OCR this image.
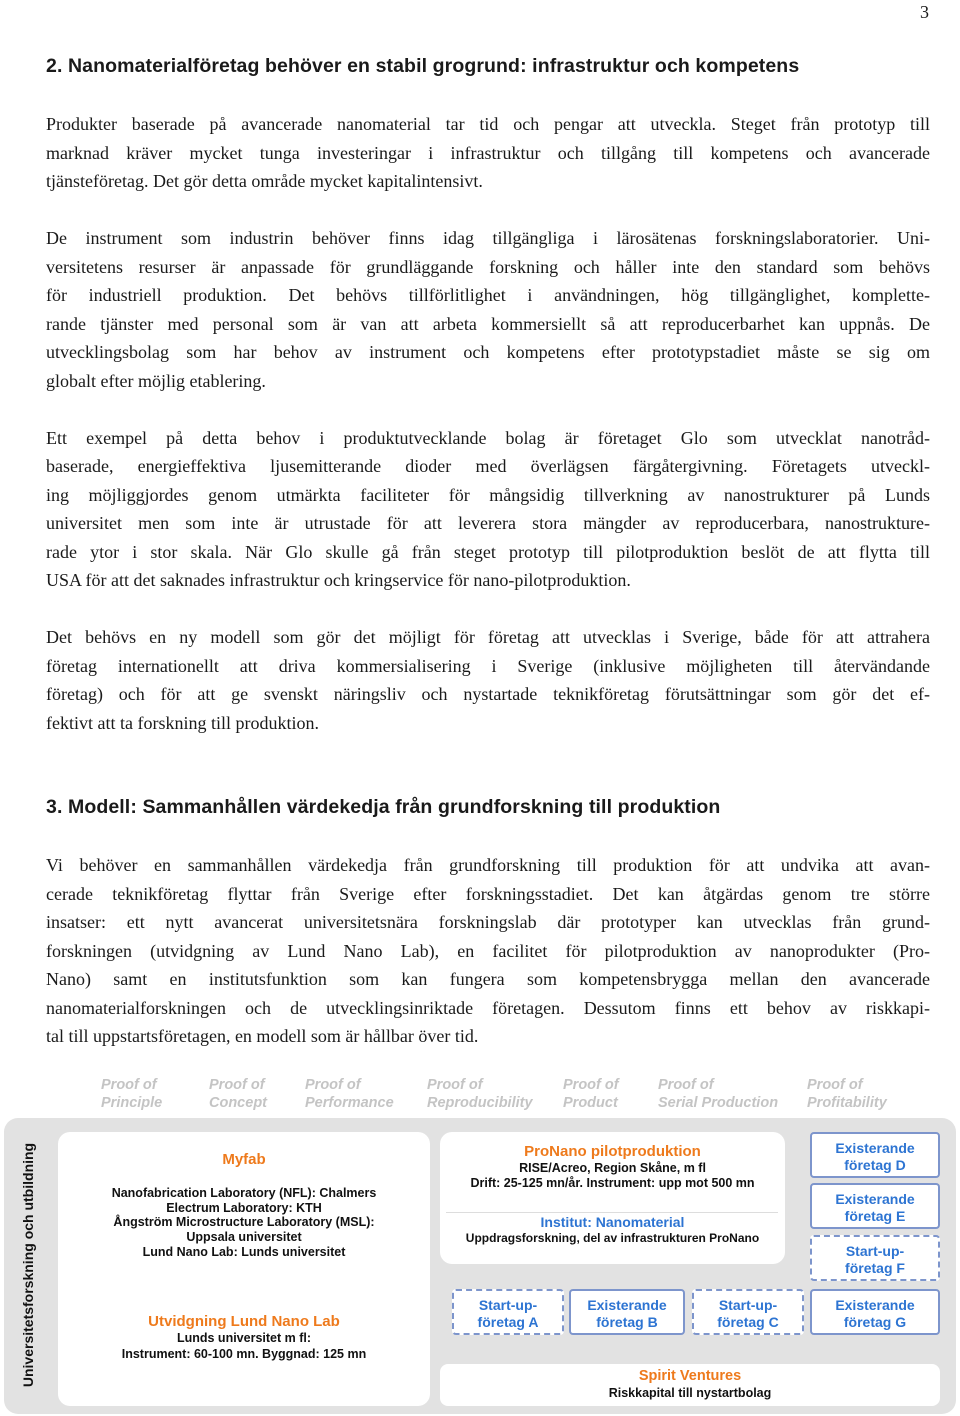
3
2. Nanomaterialföretag behöver en stabil grogrund: infrastruktur och kompetens
Produkter baserade på avancerade nanomaterial tar tid och pengar att utveckla. Steget från prototyp till
marknad kräver mycket tunga investeringar i infrastruktur och tillgång till kompetens och avancerade
tjänsteföretag. Det gör detta område mycket kapitalintensivt.
De instrument som industrin behöver finns idag tillgängliga i lärosätenas forskningslaboratorier. Uni-
versitetens resurser är anpassade för grundläggande forskning och håller inte den standard som behövs
för industriell produktion. Det behövs tillförlitlighet i användningen, hög tillgänglighet, komplette-
rande tjänster med personal som är van att arbeta kommersiellt så att reproducerbarhet kan uppnås. De
utvecklingsbolag som har behov av instrument och kompetens efter prototypstadiet måste se sig om
globalt efter möjlig etablering.
Ett exempel på detta behov i produktutvecklande bolag är företaget Glo som utvecklat nanotråd-
baserade, energieffektiva ljusemitterande dioder med överlägsen färgåtergivning. Företagets utveckl-
ing möjliggjordes genom utmärkta faciliteter för mångsidig tillverkning av nanostrukturer på Lunds
universitet men som inte är utrustade för att leverera stora mängder av reproducerbara, nanostrukture-
rade ytor i stor skala. När Glo skulle gå från steget prototyp till pilotproduktion beslöt de att flytta till
USA för att det saknades infrastruktur och kringservice för nano-pilotproduktion.
Det behövs en ny modell som gör det möjligt för företag att utvecklas i Sverige, både för att attrahera
företag internationellt att driva kommersialisering i Sverige (inklusive möjligheten till återvändande
företag) och för att ge svenskt näringsliv och nystartade teknikföretag förutsättningar som gör det ef-
fektivt att ta forskning till produktion.
3. Modell: Sammanhållen värdekedja från grundforskning till produktion
Vi behöver en sammanhållen värdekedja från grundforskning till produktion för att undvika att avan-
cerade teknikföretag flyttar från Sverige efter forskningsstadiet. Det kan åtgärdas genom tre större
insatser: ett nytt avancerat universitetsnära forskningslab där prototyper kan utvecklas från grund-
forskningen (utvidgning av Lund Nano Lab), en facilitet för pilotproduktion av nanoprodukter (Pro-
Nano) samt en institutsfunktion som kan fungera som kompetensbrygga mellan den avancerade
nanomaterialforskningen och de utvecklingsinriktade företagen. Dessutom finns ett behov av riskkapi-
tal till uppstartsföretagen, en modell som är hållbar över tid.
Proof of
Principle
Proof of
Concept
Proof of
Performance
Proof of
Reproducibility
Proof of
Product
Proof of
Serial Production
Proof of
Profitability
Universitetsforskning och utbildning	Myfab
Nanofabrication Laboratory (NFL): Chalmers
Electrum Laboratory: KTH
Ångström Microstructure Laboratory (MSL):
Uppsala universitet
Lund Nano Lab: Lunds universitet
Utvidgning Lund Nano Lab
Lunds universitet m fl:
Instrument: 60-100 mn. Byggnad: 125 mn
ProNano pilotproduktion
RISE/Acreo, Region Skåne, m fl
Drift: 25-125 mn/år. Instrument: upp mot 500 mn
Institut: Nanomaterial
Uppdragsforskning, del av infrastrukturen ProNano
Start-up-
företag A
Existerande
företag B
Start-up-
företag C
Existerande
företag G
Existerande
företag D
Existerande
företag E
Start-up-
företag F
Spirit Ventures
Riskkapital till nystartbolag
